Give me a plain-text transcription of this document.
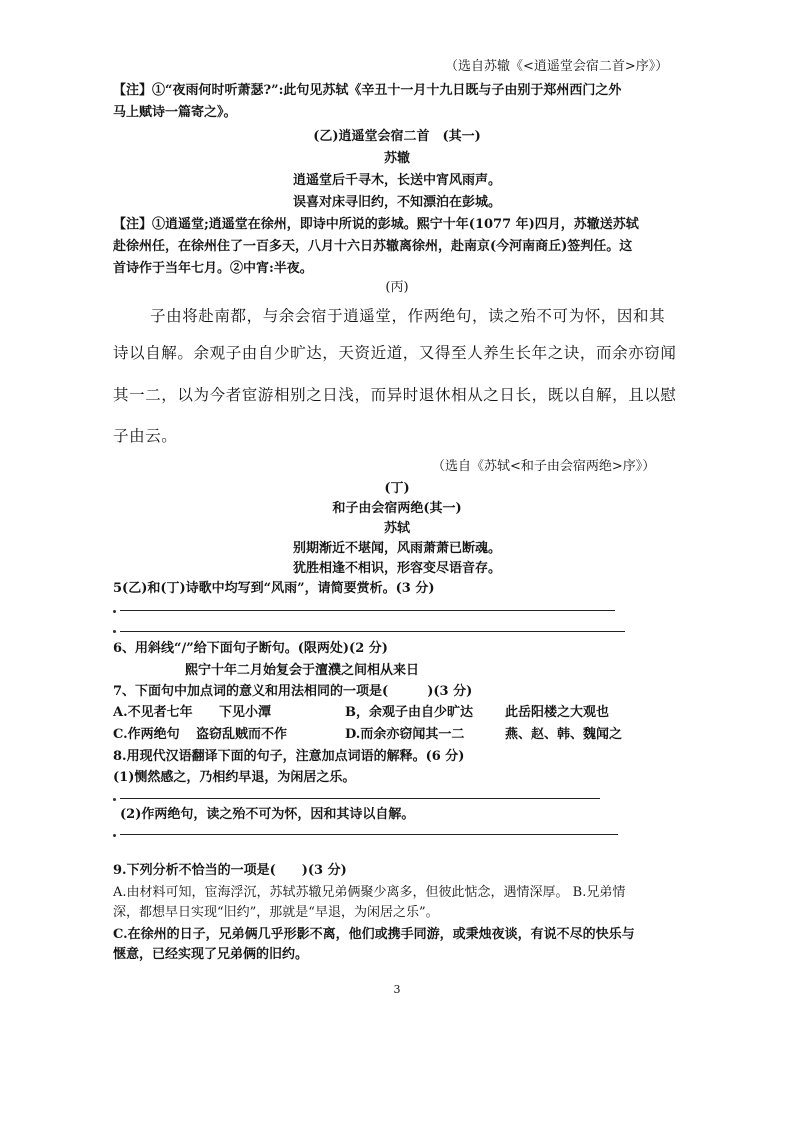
（选自苏辙《<逍遥堂会宿二首>序》）
【注】①“夜雨何时听萧瑟?”:此句见苏轼《辛丑十一月十九日既与子由别于郑州西门之外
马上赋诗一篇寄之》。
(乙)逍遥堂会宿二首　(其一)
苏辙
逍遥堂后千寻木，长送中宵风雨声。
误喜对床寻旧约，不知漂泊在彭城。
【注】①逍遥堂;逍遥堂在徐州，即诗中所说的彭城。熙宁十年(1077 年)四月，苏辙送苏轼
赴徐州任，在徐州住了一百多天，八月十六日苏辙离徐州，赴南京(今河南商丘)签判任。这
首诗作于当年七月。②中宵:半夜。
(丙)
子由将赴南都，与余会宿于逍遥堂，作两绝句，读之殆不可为怀，因和其
诗以自解。余观子由自少旷达，天资近道，又得至人养生长年之诀，而余亦窃闻
其一二，以为今者宦游相别之日浅，而异时退休相从之日长，既以自解，且以慰
子由云。
（选自《苏轼<和子由会宿两绝>序》）
(丁)
和子由会宿两绝(其一)
苏轼
别期渐近不堪闻，风雨萧萧已断魂。
犹胜相逢不相识，形容变尽语音存。
5(乙)和(丁)诗歌中均写到“风雨”，请简要赏析。(3 分)
6、用斜线“/”给下面句子断句。(限两处)(2 分)
熙宁十年二月始复会于澶濮之间相从来日
7、下面句中加点词的意义和用法相同的一项是(　　　)(3 分)
A.不见者七年 下见小潭	B，余观子由自少旷达 此岳阳楼之大观也
C.作两绝句 盗窃乱贼而不作	D.而余亦窃闻其一二	燕、赵、韩、魏闻之
8.用现代汉语翻译下面的句子，注意加点词语的解释。(6 分)
(1)恻然感之，乃相约早退，为闲居之乐。
(2)作两绝句，读之殆不可为怀，因和其诗以自解。
9.下列分析不恰当的一项是(　　)(3 分)
A.由材料可知，宦海浮沉，苏轼苏辙兄弟俩聚少离多，但彼此惦念，遇情深厚。 B.兄弟情
深，都想早日实现“旧约”，那就是“早退，为闲居之乐”。
C.在徐州的日子，兄弟俩几乎形影不离，他们或携手同游，或秉烛夜谈，有说不尽的快乐与
惬意，已经实现了兄弟俩的旧约。
3
